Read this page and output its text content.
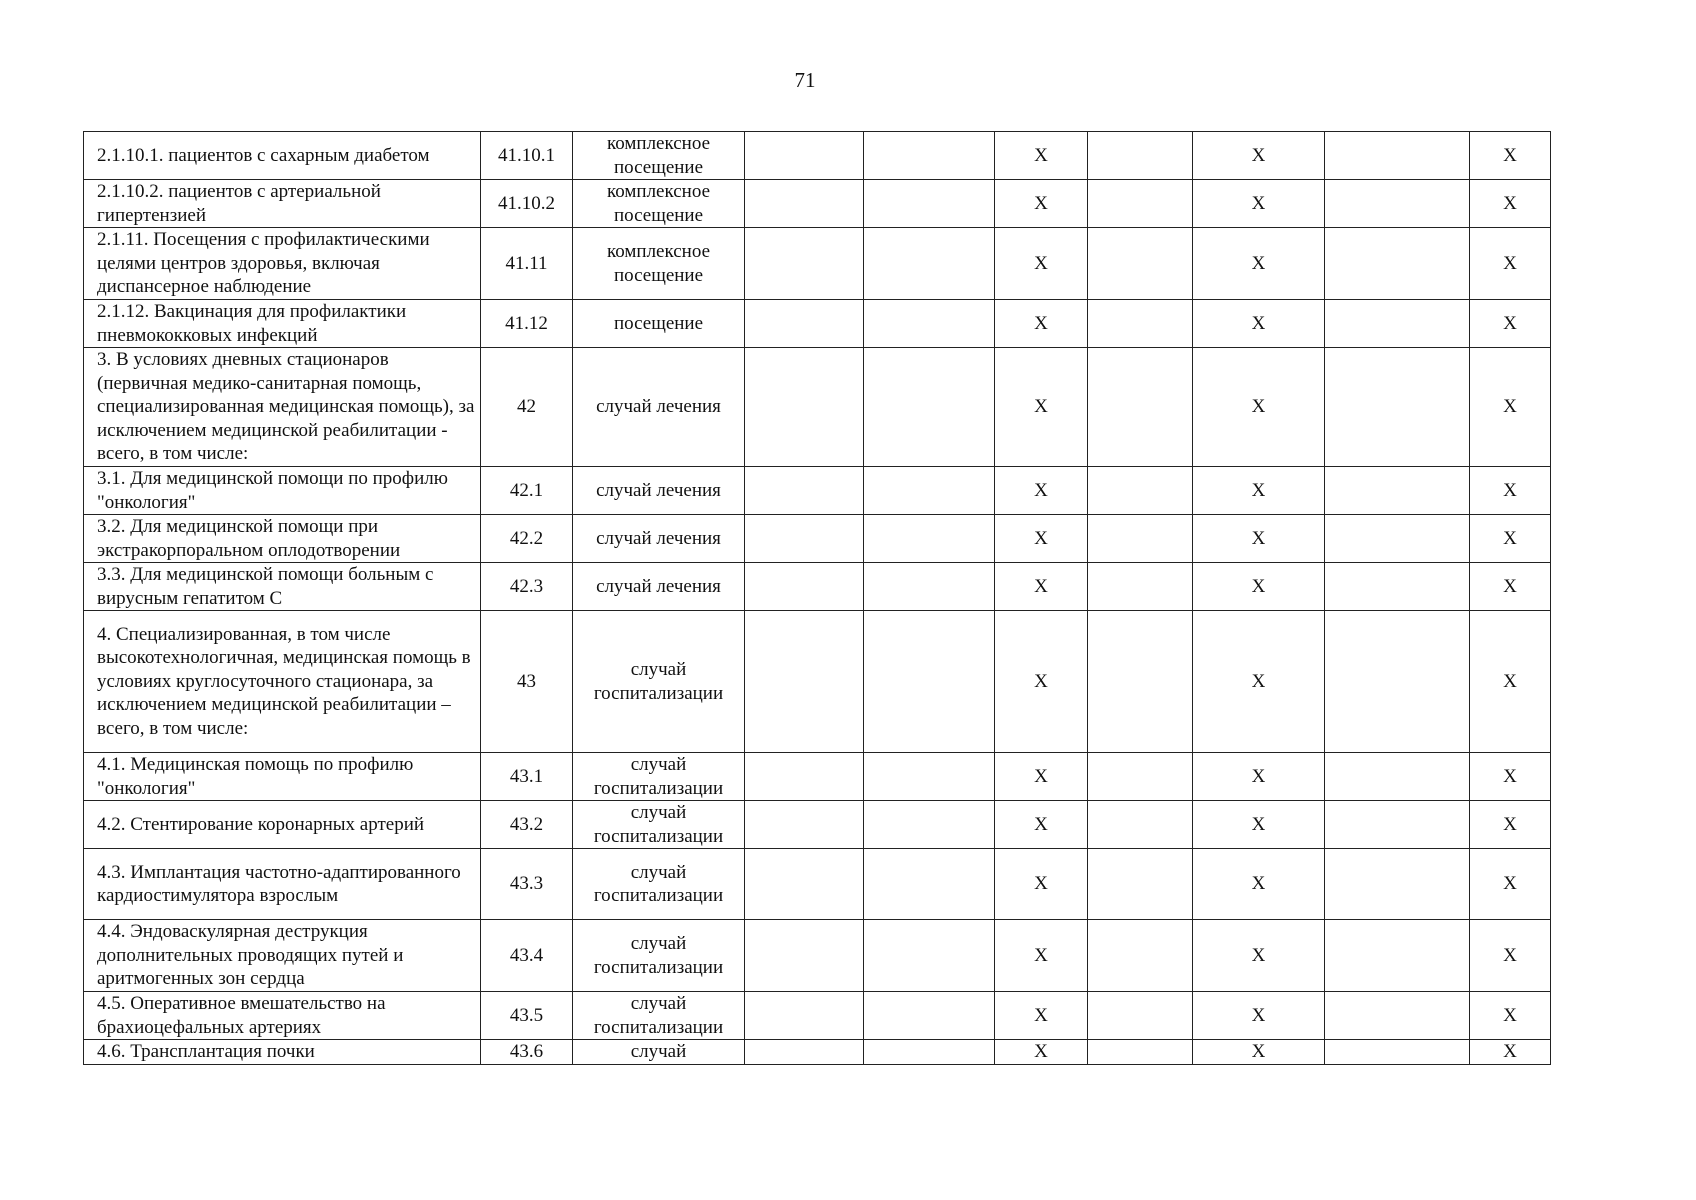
71
2.1.10.1. пациентов с сахарным диабетом	41.10.1	комплексное посещение			X		X		X
2.1.10.2. пациентов с артериальной гипертензией	41.10.2	комплексное посещение			X		X		X
2.1.11. Посещения с профилактическими целями центров здоровья, включая диспансерное наблюдение	41.11	комплексное посещение			X		X		X
2.1.12. Вакцинация для профилактики пневмококковых инфекций	41.12	посещение			X		X		X
3. В условиях дневных стационаров (первичная медико-санитарная помощь, специализированная медицинская помощь), за исключением медицинской реабилитации - всего, в том числе:	42	случай лечения			X		X		X
3.1. Для медицинской помощи по профилю "онкология"	42.1	случай лечения			X		X		X
3.2. Для медицинской помощи при экстракорпоральном оплодотворении	42.2	случай лечения			X		X		X
3.3. Для медицинской помощи больным с вирусным гепатитом С	42.3	случай лечения			X		X		X
4. Специализированная, в том числе высокотехнологичная, медицинская помощь в условиях круглосуточного стационара, за исключением медицинской реабилитации – всего, в том числе:	43	случай госпитализации			X		X		X
4.1. Медицинская помощь по профилю "онкология"	43.1	случай госпитализации			X		X		X
4.2. Стентирование коронарных артерий	43.2	случай госпитализации			X		X		X
4.3. Имплантация частотно-адаптированного кардиостимулятора взрослым	43.3	случай госпитализации			X		X		X
4.4. Эндоваскулярная деструкция дополнительных проводящих путей и аритмогенных зон сердца	43.4	случай госпитализации			X		X		X
4.5. Оперативное вмешательство на брахиоцефальных артериях	43.5	случай госпитализации			X		X		X
4.6. Трансплантация почки	43.6	случай			X		X		X
